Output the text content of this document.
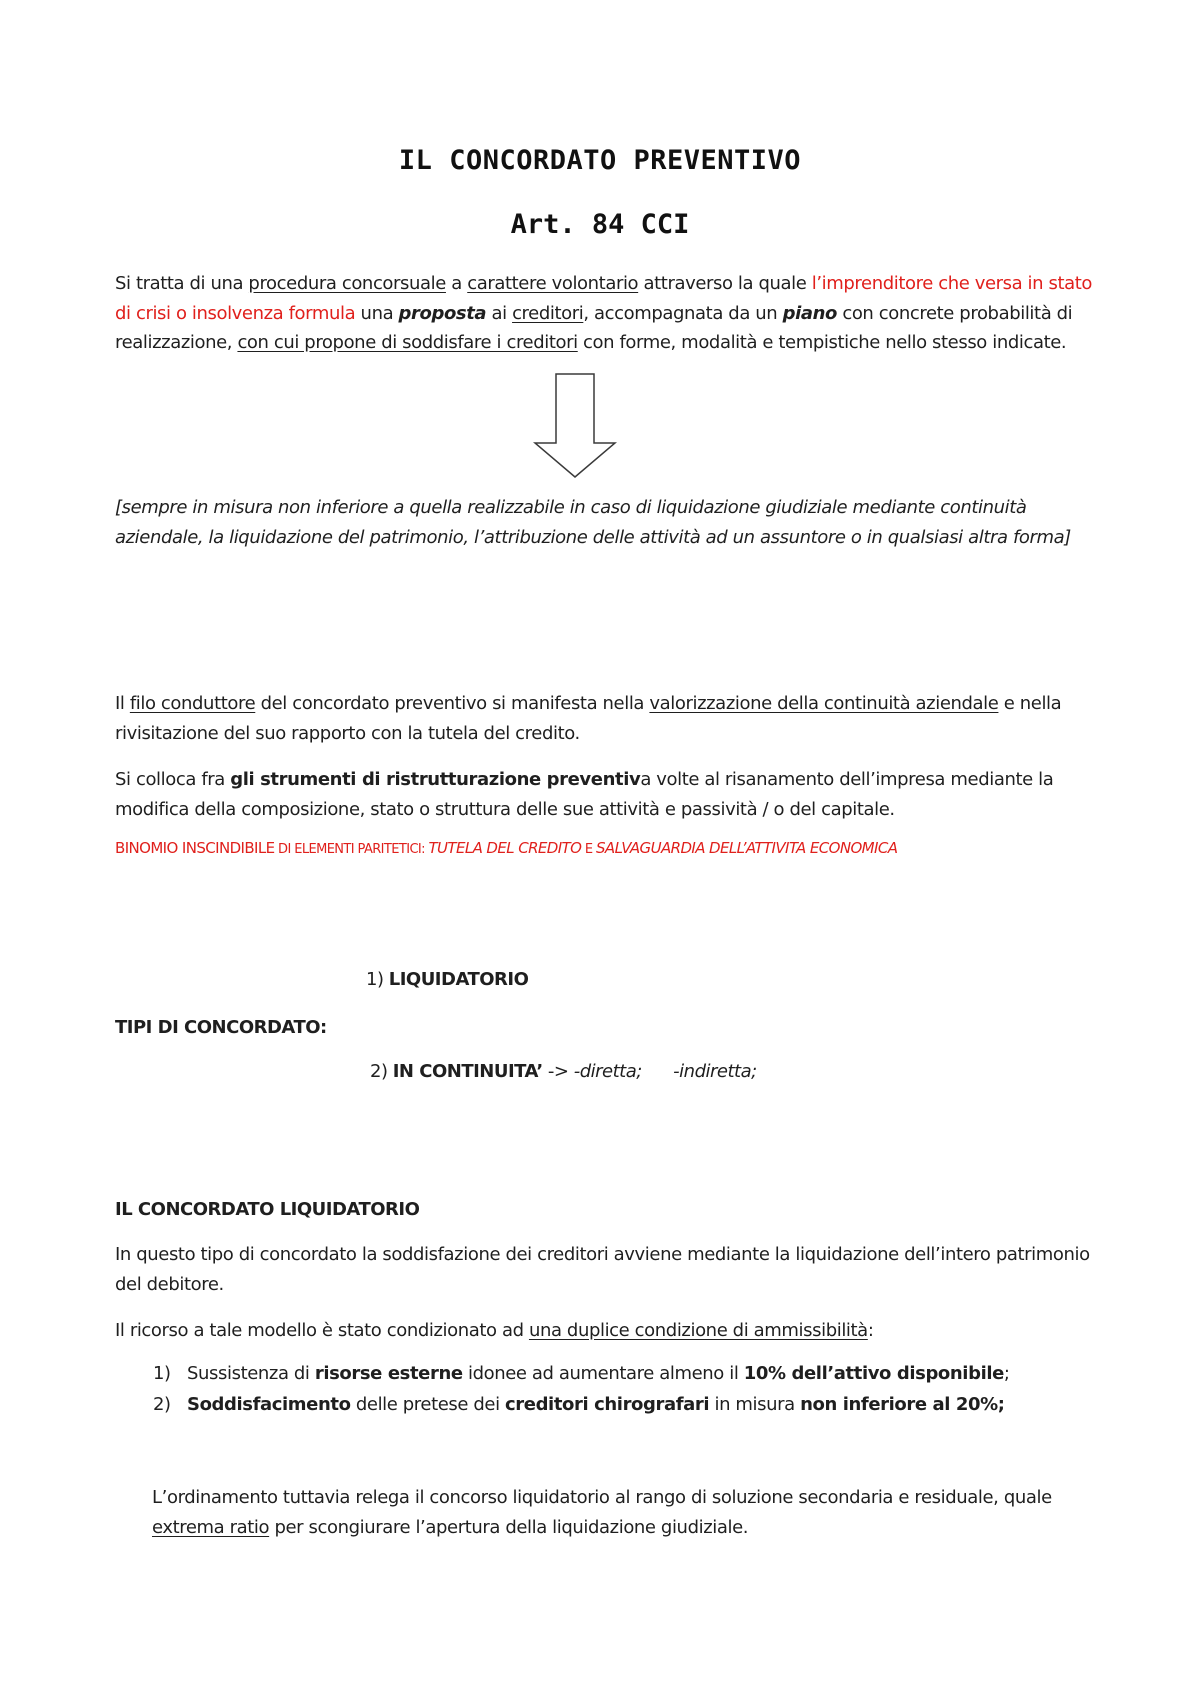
IL CONCORDATO PREVENTIVO
Art. 84 CCI

Si tratta di una procedura concorsuale a carattere volontario attraverso la quale l’imprenditore che versa in stato di crisi o insolvenza formula una proposta ai creditori, accompagnata da un piano con concrete probabilità di realizzazione, con cui propone di soddisfare i creditori con forme, modalità e tempistiche nello stesso indicate.

[sempre in misura non inferiore a quella realizzabile in caso di liquidazione giudiziale mediante continuità aziendale, la liquidazione del patrimonio, l’attribuzione delle attività ad un assuntore o in qualsiasi altra forma]

Il filo conduttore del concordato preventivo si manifesta nella valorizzazione della continuità aziendale e nella rivisitazione del suo rapporto con la tutela del credito.

Si colloca fra gli strumenti di ristrutturazione preventiva volte al risanamento dell’impresa mediante la modifica della composizione, stato o struttura delle sue attività e passività / o del capitale.

BINOMIO INSCINDIBILE DI ELEMENTI PARITETICI: TUTELA DEL CREDITO E SALVAGUARDIA DELL’ATTIVITA ECONOMICA

1) LIQUIDATORIO

TIPI DI CONCORDATO:

2) IN CONTINUITA’ -> -diretta; -indiretta;

IL CONCORDATO LIQUIDATORIO

In questo tipo di concordato la soddisfazione dei creditori avviene mediante la liquidazione dell’intero patrimonio del debitore.

Il ricorso a tale modello è stato condizionato ad una duplice condizione di ammissibilità:

1) Sussistenza di risorse esterne idonee ad aumentare almeno il 10% dell’attivo disponibile;
2) Soddisfacimento delle pretese dei creditori chirografari in misura non inferiore al 20%;

L’ordinamento tuttavia relega il concorso liquidatorio al rango di soluzione secondaria e residuale, quale extrema ratio per scongiurare l’apertura della liquidazione giudiziale.
